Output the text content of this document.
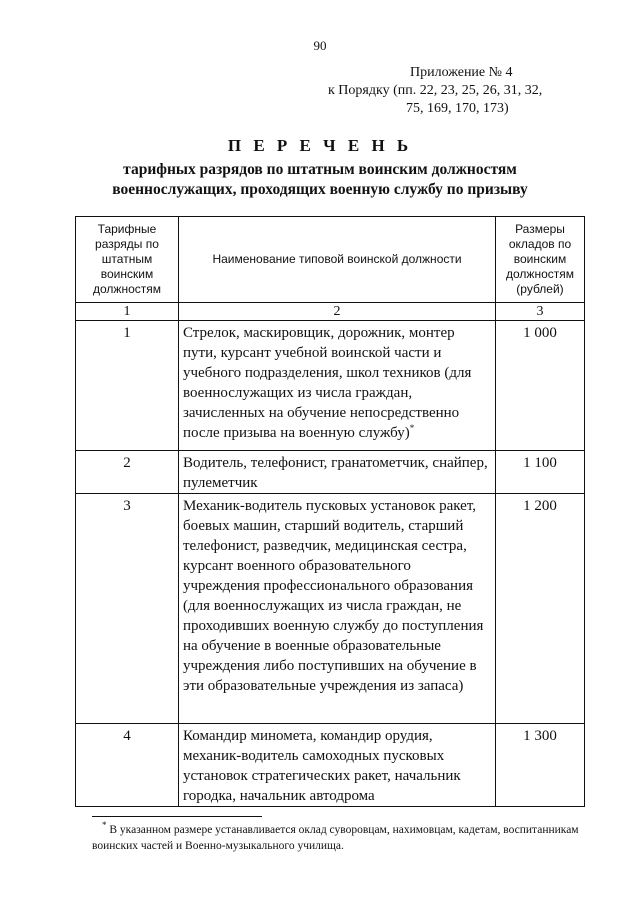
90
Приложение № 4
к Порядку (пп. 22, 23, 25, 26, 31, 32,
75, 169, 170, 173)
П Е Р Е Ч Е Н Ь
тарифных разрядов по штатным воинским должностям
военнослужащих, проходящих военную службу по призыву
Тарифные разряды по штатным воинским должностям	Наименование типовой воинской должности	Размеры окладов по воинским должностям (рублей)
1	2	3
1	Стрелок, маскировщик, дорожник, монтер пути, курсант учебной воинской части и учебного подразделения, школ техников (для военнослужащих из числа граждан, зачисленных на обучение непосредственно после призыва на военную службу)*	1 000
2	Водитель, телефонист, гранатометчик, снайпер, пулеметчик	1 100
3	Механик-водитель пусковых установок ракет, боевых машин, старший водитель, старший телефонист, разведчик, медицинская сестра, курсант военного образовательного учреждения профессионального образования (для военнослужащих из числа граждан, не проходивших военную службу до поступления на обучение в военные образовательные учреждения либо поступивших на обучение в эти образовательные учреждения из запаса)	1 200
4	Командир миномета, командир орудия, механик-водитель самоходных пусковых установок стратегических ракет, начальник городка, начальник автодрома	1 300
* В указанном размере устанавливается оклад суворовцам, нахимовцам, кадетам, воспитанникам воинских частей и Военно-музыкального училища.
